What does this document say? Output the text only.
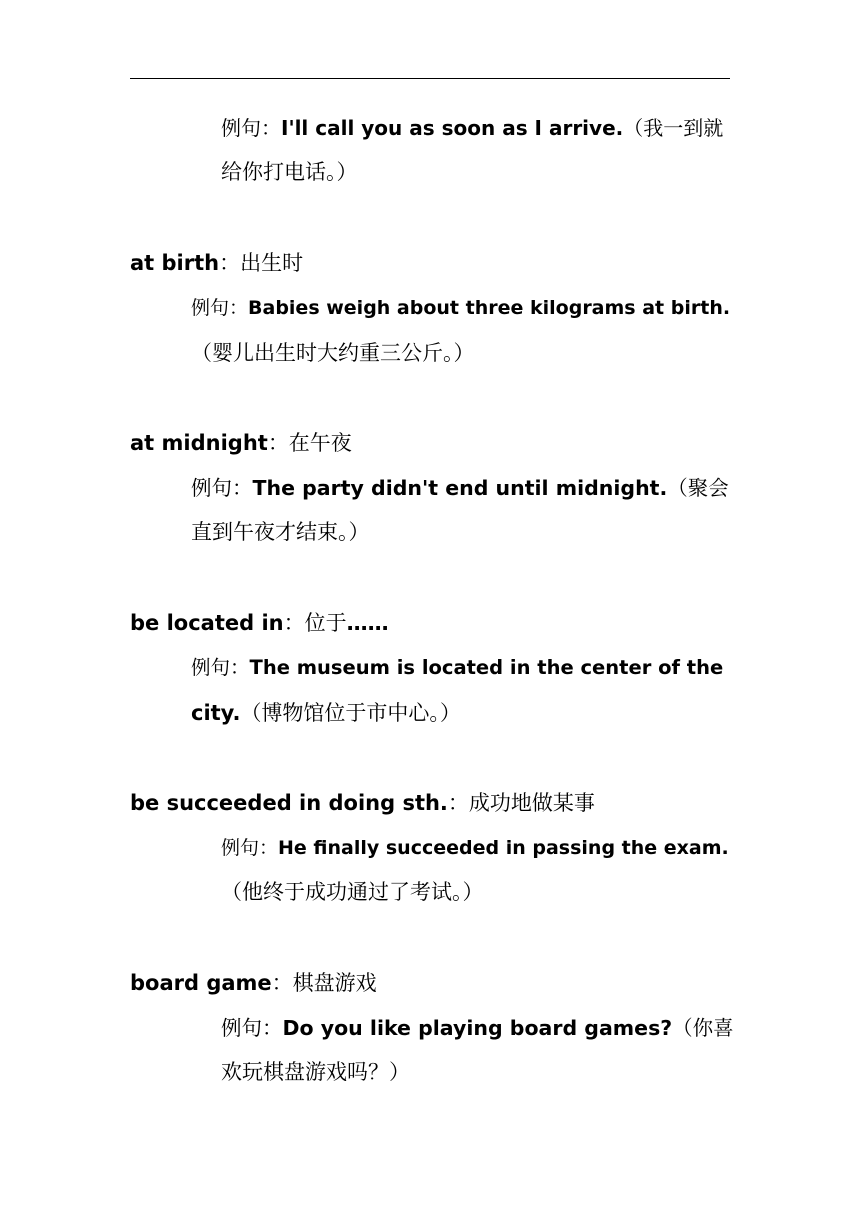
例句：I'll call you as soon as I arrive.（我一到就
给你打电话。）
at birth：出生时
例句：Babies weigh about three kilograms at birth.
（婴儿出生时大约重三公斤。）
at midnight：在午夜
例句：The party didn't end until midnight.（聚会
直到午夜才结束。）
be located in：位于……
例句：The museum is located in the center of the
city.（博物馆位于市中心。）
be succeeded in doing sth.：成功地做某事
例句：He finally succeeded in passing the exam.
（他终于成功通过了考试。）
board game：棋盘游戏
例句：Do you like playing board games?（你喜
欢玩棋盘游戏吗？）
